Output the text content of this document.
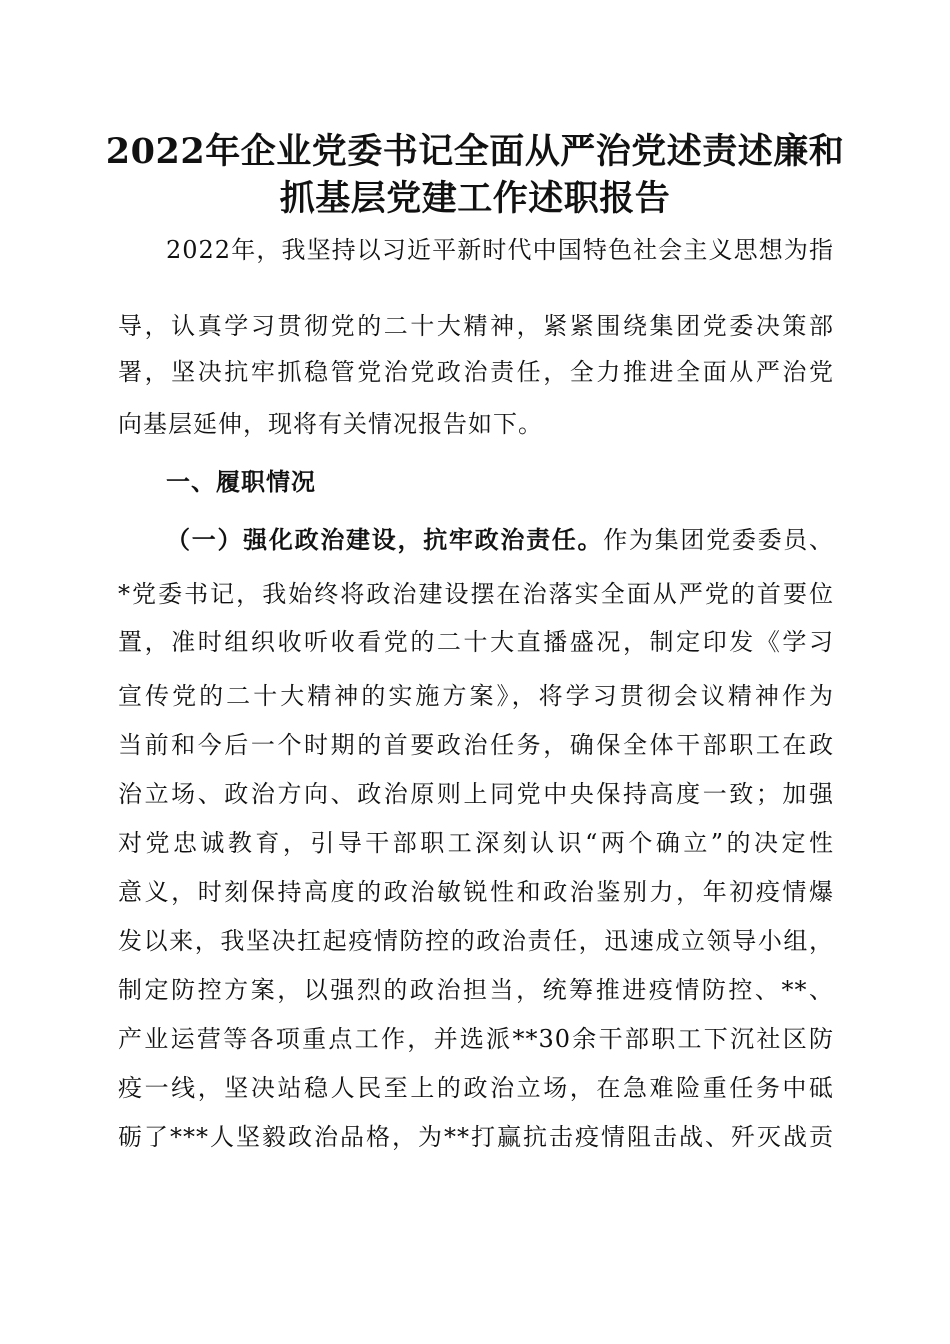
2022年企业党委书记全面从严治党述责述廉和
抓基层党建工作述职报告
2022年，我坚持以习近平新时代中国特色社会主义思想为指
导，认真学习贯彻党的二十大精神，紧紧围绕集团党委决策部
署，坚决抗牢抓稳管党治党政治责任，全力推进全面从严治党
向基层延伸，现将有关情况报告如下。
一、履职情况
（一）强化政治建设，抗牢政治责任。作为集团党委委员、
*党委书记，我始终将政治建设摆在治落实全面从严党的首要位
置，准时组织收听收看党的二十大直播盛况，制定印发《学习
宣传党的二十大精神的实施方案》，将学习贯彻会议精神作为
当前和今后一个时期的首要政治任务，确保全体干部职工在政
治立场、政治方向、政治原则上同党中央保持高度一致；加强
对党忠诚教育，引导干部职工深刻认识“两个确立”的决定性
意义，时刻保持高度的政治敏锐性和政治鉴别力，年初疫情爆
发以来，我坚决扛起疫情防控的政治责任，迅速成立领导小组，
制定防控方案，以强烈的政治担当，统筹推进疫情防控、**、
产业运营等各项重点工作，并选派**30余干部职工下沉社区防
疫一线，坚决站稳人民至上的政治立场，在急难险重任务中砥
砺了***人坚毅政治品格，为**打赢抗击疫情阻击战、歼灭战贡
